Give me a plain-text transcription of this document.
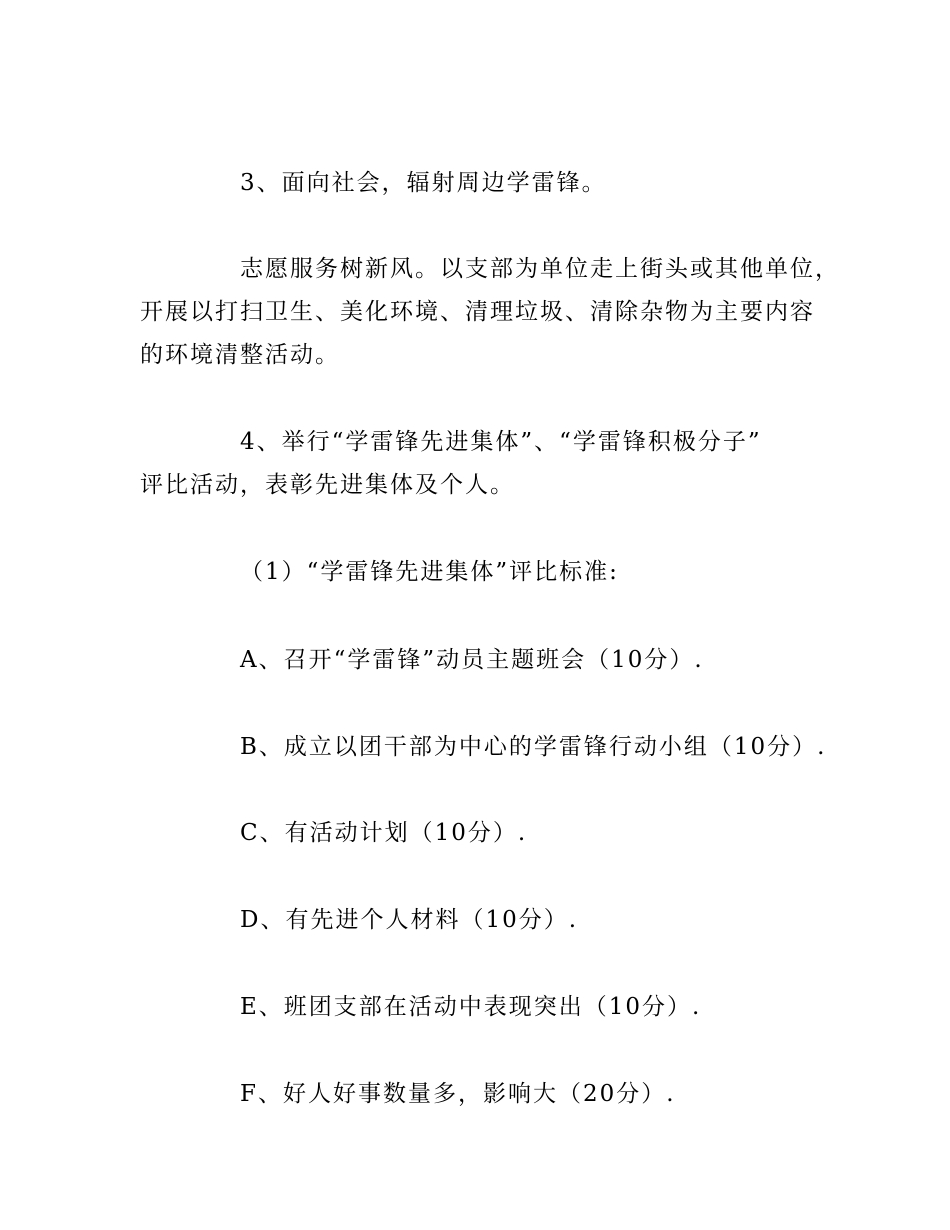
3、面向社会，辐射周边学雷锋。

志愿服务树新风。以支部为单位走上街头或其他单位，

开展以打扫卫生、美化环境、清理垃圾、清除杂物为主要内容

的环境清整活动。

4、举行“学雷锋先进集体”、“学雷锋积极分子”

评比活动，表彰先进集体及个人。

（1）“学雷锋先进集体”评比标准:

A、召开“学雷锋”动员主题班会（10分）.

B、成立以团干部为中心的学雷锋行动小组（10分）.

C、有活动计划（10分）.

D、有先进个人材料（10分）.

E、班团支部在活动中表现突出（10分）.

F、好人好事数量多，影响大（20分）.
